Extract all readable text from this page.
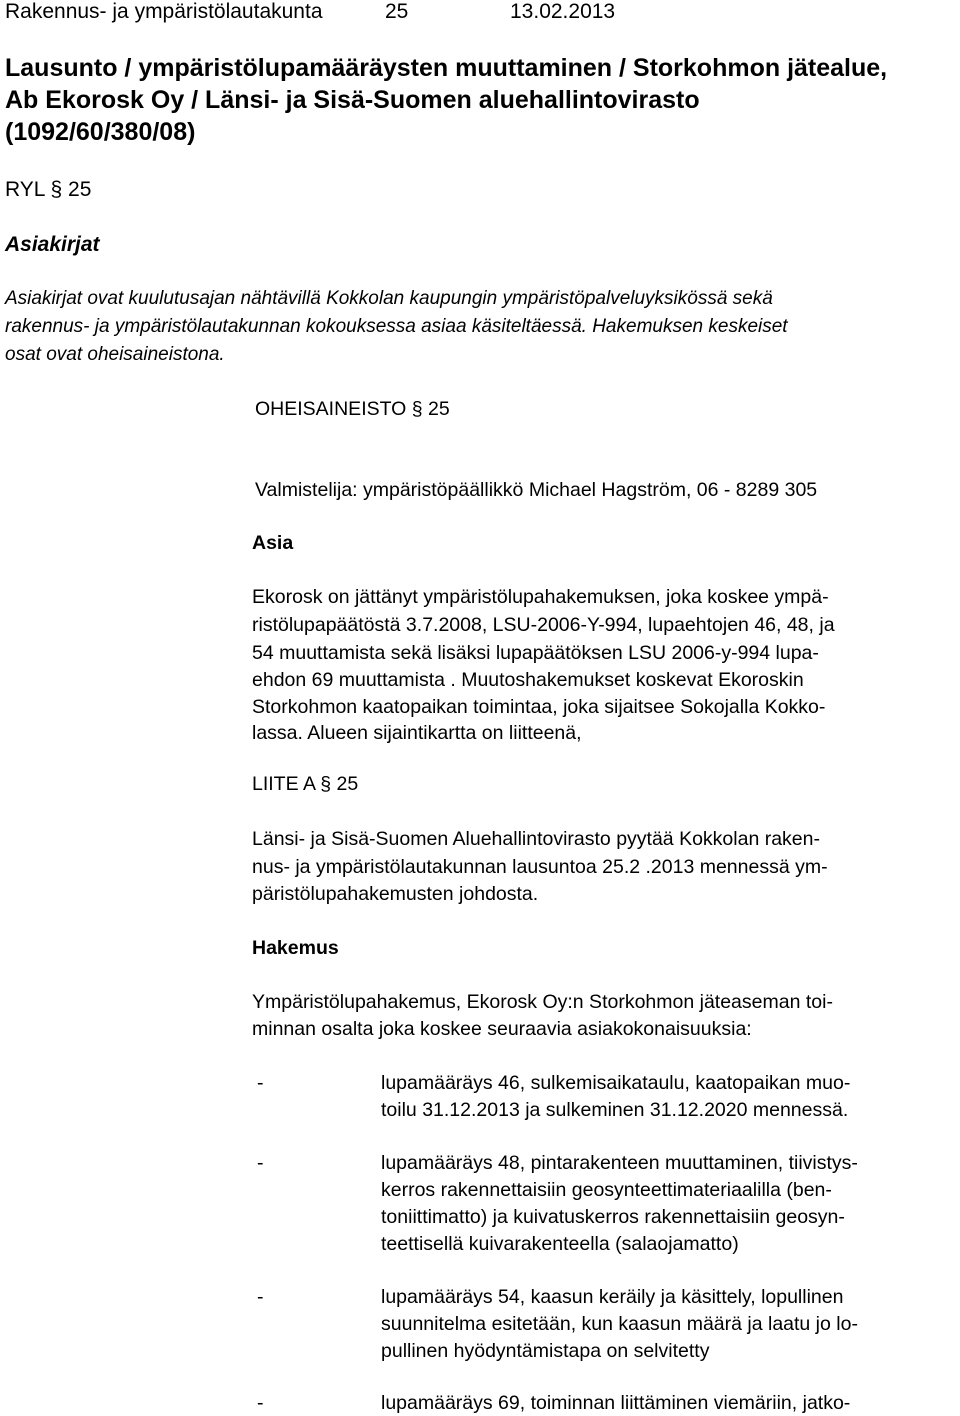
Rakennus- ja ympäristölautakunta	25	13.02.2013
Lausunto / ympäristölupamääräysten muuttaminen / Storkohmon jätealue,
Ab Ekorosk Oy / Länsi- ja Sisä-Suomen aluehallintovirasto
(1092/60/380/08)
RYL § 25
Asiakirjat
Asiakirjat ovat kuulutusajan nähtävillä Kokkolan kaupungin ympäristöpalveluyksikössä sekä
rakennus- ja ympäristölautakunnan kokouksessa asiaa käsiteltäessä. Hakemuksen keskeiset
osat ovat oheisaineistona.
OHEISAINEISTO § 25
Valmistelija: ympäristöpäällikkö Michael Hagström, 06 - 8289 305
Asia
Ekorosk on jättänyt ympäristölupahakemuksen, joka koskee ympä-
ristölupapäätöstä 3.7.2008, LSU-2006-Y-994, lupaehtojen 46, 48, ja
54 muuttamista sekä lisäksi lupapäätöksen LSU 2006-y-994 lupa-
ehdon 69 muuttamista . Muutoshakemukset koskevat Ekoroskin
Storkohmon kaatopaikan toimintaa, joka sijaitsee Sokojalla Kokko-
lassa. Alueen sijaintikartta on liitteenä,
LIITE A § 25
Länsi- ja Sisä-Suomen Aluehallintovirasto pyytää Kokkolan raken-
nus- ja ympäristölautakunnan lausuntoa 25.2 .2013 mennessä ym-
päristölupahakemusten johdosta.
Hakemus
Ympäristölupahakemus, Ekorosk Oy:n Storkohmon jäteaseman toi-
minnan osalta joka koskee seuraavia asiakokonaisuuksia:
-	lupamääräys 46, sulkemisaikataulu, kaatopaikan muo-
toilu 31.12.2013 ja sulkeminen 31.12.2020 mennessä.
-	lupamääräys 48, pintarakenteen muuttaminen, tiivistys-
kerros rakennettaisiin geosynteettimateriaalilla (ben-
toniittimatto) ja kuivatuskerros rakennettaisiin geosyn-
teettisellä kuivarakenteella (salaojamatto)
-	lupamääräys 54, kaasun keräily ja käsittely, lopullinen
suunnitelma esitetään, kun kaasun määrä ja laatu jo lo-
pullinen hyödyntämistapa on selvitetty
-	lupamääräys 69, toiminnan liittäminen viemäriin, jatko-
